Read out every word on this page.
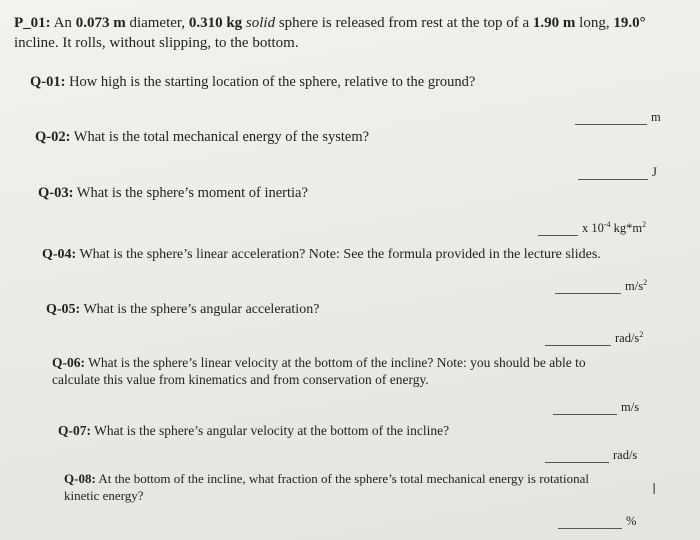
P_01: An 0.073 m diameter, 0.310 kg solid sphere is released from rest at the top of a 1.90 m long, 19.0°
incline. It rolls, without slipping, to the bottom.
Q-01: How high is the starting location of the sphere, relative to the ground?
m
Q-02: What is the total mechanical energy of the system?
J
Q-03: What is the sphere’s moment of inertia?
x $10^{-4}$ $kg*m^2$
Q-04: What is the sphere’s linear acceleration? Note: See the formula provided in the lecture slides.
$m/s^2$
Q-05: What is the sphere’s angular acceleration?
rad/$s^2$
Q-06: What is the sphere’s linear velocity at the bottom of the incline? Note: you should be able to
calculate this value from kinematics and from conservation of energy.
m/s
Q-07: What is the sphere’s angular velocity at the bottom of the incline?
rad/s
Q-08: At the bottom of the incline, what fraction of the sphere’s total mechanical energy is rotational
kinetic energy?
%
I
